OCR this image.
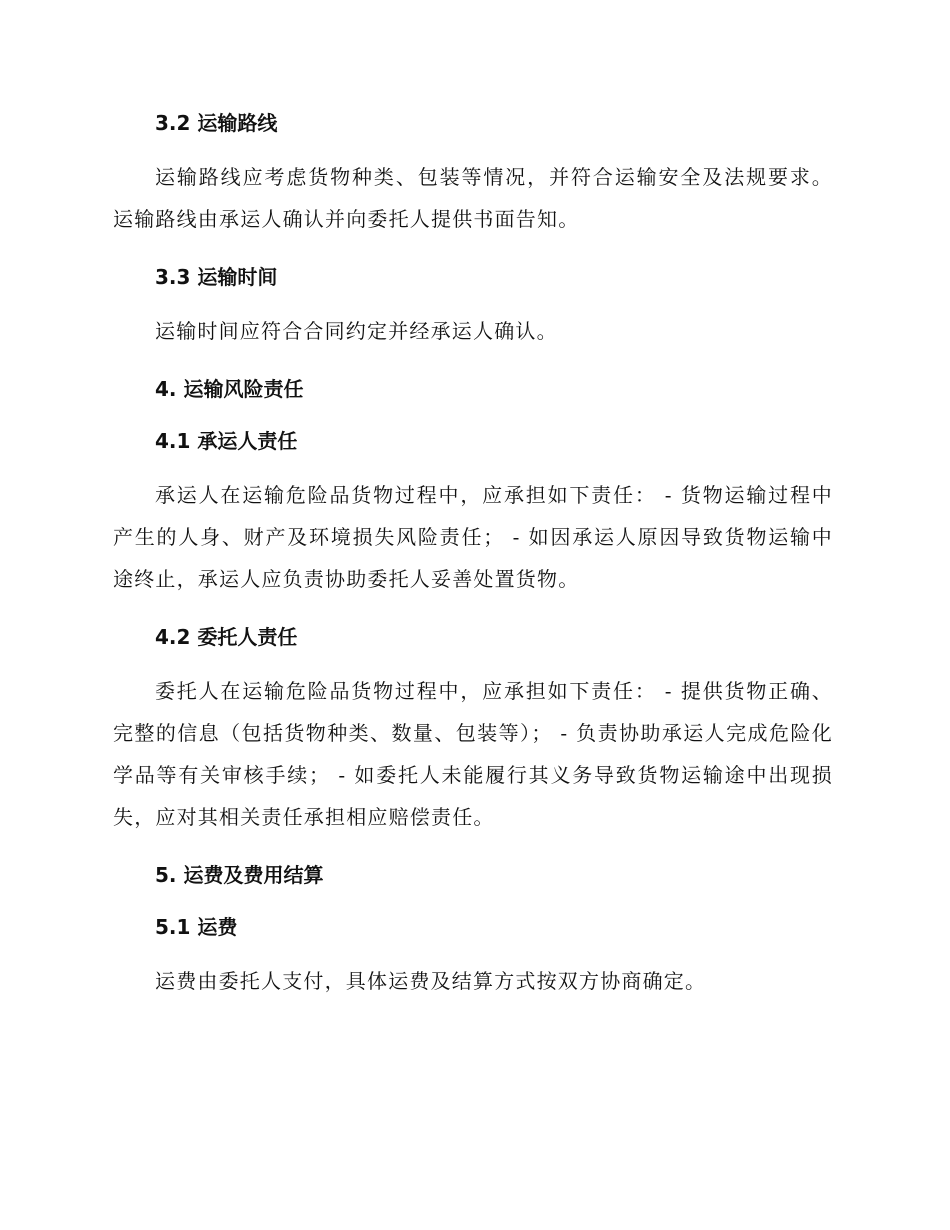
3.2 运输路线

运输路线应考虑货物种类、包装等情况，并符合运输安全及法规要求。运输路线由承运人确认并向委托人提供书面告知。

3.3 运输时间

运输时间应符合合同约定并经承运人确认。

4. 运输风险责任
4.1 承运人责任

承运人在运输危险品货物过程中，应承担如下责任： - 货物运输过程中产生的人身、财产及环境损失风险责任； - 如因承运人原因导致货物运输中途终止，承运人应负责协助委托人妥善处置货物。

4.2 委托人责任

委托人在运输危险品货物过程中，应承担如下责任： - 提供货物正确、完整的信息（包括货物种类、数量、包装等）； - 负责协助承运人完成危险化学品等有关审核手续； - 如委托人未能履行其义务导致货物运输途中出现损失，应对其相关责任承担相应赔偿责任。

5. 运费及费用结算
5.1 运费

运费由委托人支付，具体运费及结算方式按双方协商确定。
